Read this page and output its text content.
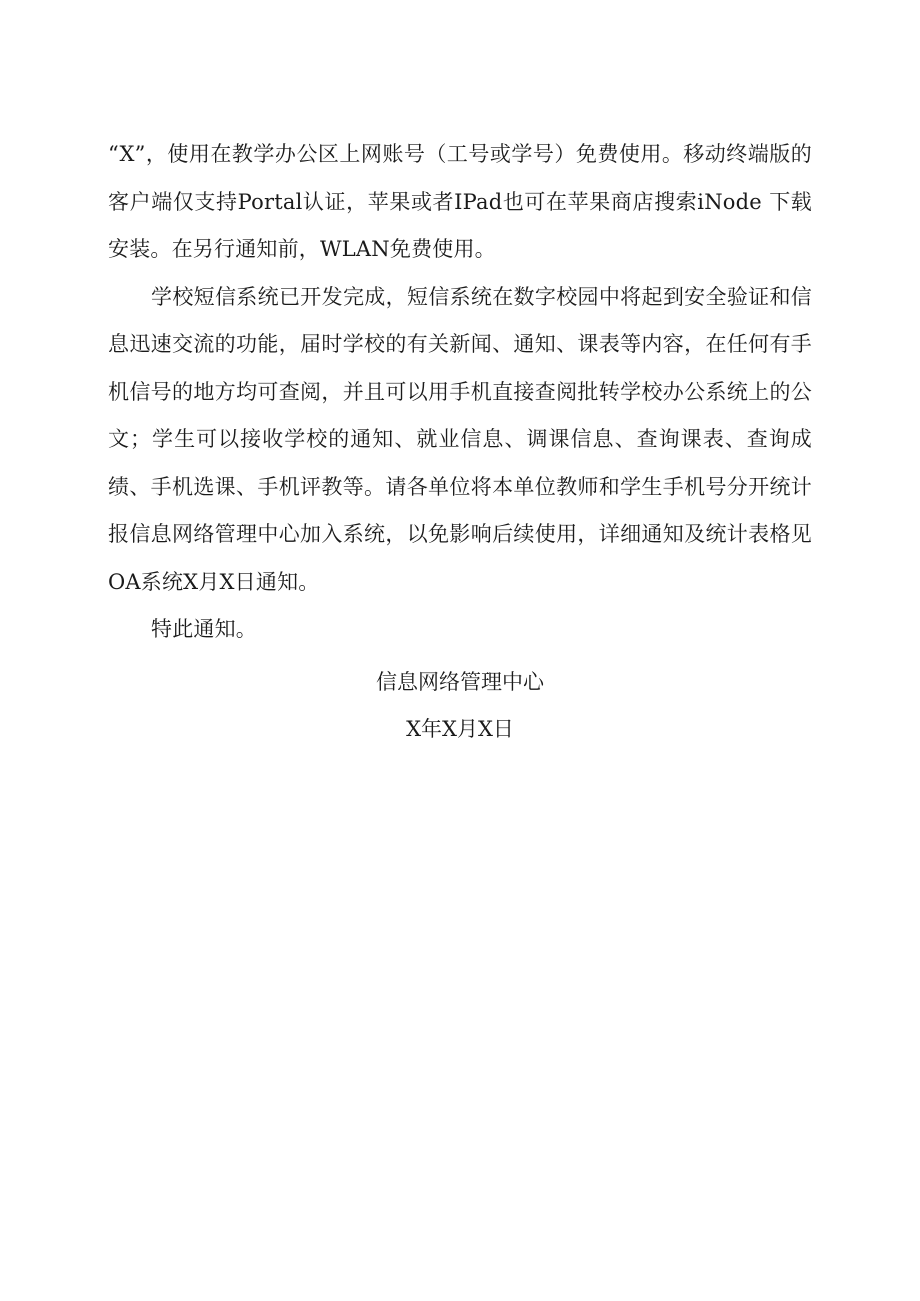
“X”，使用在教学办公区上网账号（工号或学号）免费使用。移动终端版的客户端仅支持Portal认证，苹果或者IPad也可在苹果商店搜索iNode 下载安装。在另行通知前，WLAN免费使用。

学校短信系统已开发完成，短信系统在数字校园中将起到安全验证和信息迅速交流的功能，届时学校的有关新闻、通知、课表等内容，在任何有手机信号的地方均可查阅，并且可以用手机直接查阅批转学校办公系统上的公文；学生可以接收学校的通知、就业信息、调课信息、查询课表、查询成绩、手机选课、手机评教等。请各单位将本单位教师和学生手机号分开统计报信息网络管理中心加入系统，以免影响后续使用，详细通知及统计表格见OA系统X月X日通知。

特此通知。

信息网络管理中心

X年X月X日
